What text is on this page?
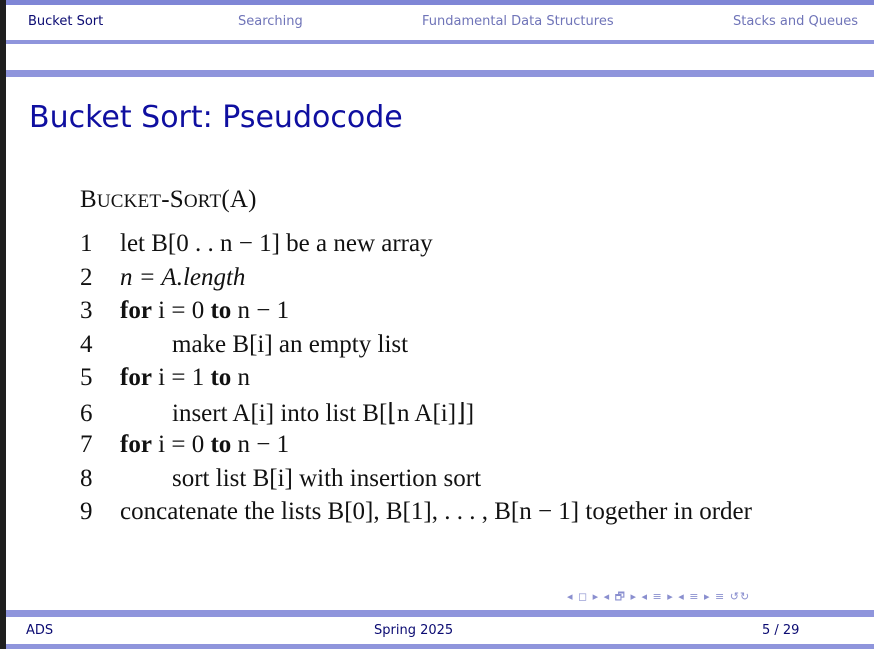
Bucket Sort	Searching	Fundamental Data Structures	Stacks and Queues
Bucket Sort: Pseudocode
BUCKET-SORT(A)
1 let B[0 . . n − 1] be a new array
2 n = A.length
3 for i = 0 to n − 1
4	make B[i] an empty list
5 for i = 1 to n
6	insert A[i] into list B[⌊n A[i]⌋]
7 for i = 0 to n − 1
8	sort list B[i] with insertion sort
9 concatenate the lists B[0], B[1], . . . , B[n − 1] together in order
◂ ◻ ▸ ◂ 🗗 ▸ ◂ ≡ ▸ ◂ ≡ ▸ ≡ ↺↻
ADS	Spring 2025	5 / 29
